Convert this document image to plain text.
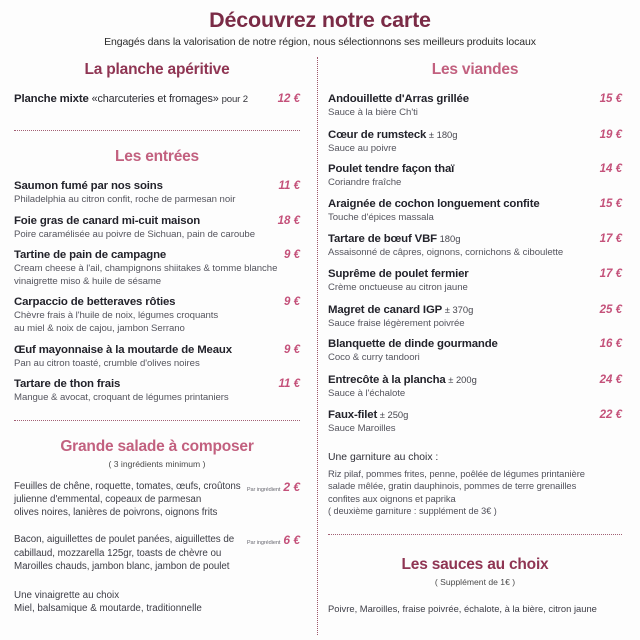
Découvrez notre carte
Engagés dans la valorisation de notre région, nous sélectionnons ses meilleurs produits locaux
La planche apéritive
Planche mixte «charcuteries et fromages» pour 2	12 €
Les entrées
Saumon fumé par nos soins	11 €
Philadelphia au citron confit, roche de parmesan noir
Foie gras de canard mi-cuit maison	18 €
Poire caramélisée au poivre de Sichuan, pain de caroube
Tartine de pain de campagne	9 €
Cream cheese à l'ail, champignons shiitakes & tomme blanche
vinaigrette miso & huile de sésame
Carpaccio de betteraves rôties	9 €
Chèvre frais à l'huile de noix, légumes croquants
au miel & noix de cajou, jambon Serrano
Œuf mayonnaise à la moutarde de Meaux	9 €
Pan au citron toasté, crumble d'olives noires
Tartare de thon frais	11 €
Mangue & avocat, croquant de légumes printaniers
Grande salade à composer
( 3 ingrédients minimum )
Feuilles de chêne, roquette, tomates, œufs, croûtons
julienne d'emmental, copeaux de parmesan
olives noires, lanières de poivrons, oignons frits
Par ingrédient 2 €
Bacon, aiguillettes de poulet panées, aiguillettes de
cabillaud, mozzarella 125gr, toasts de chèvre ou
Maroilles chauds, jambon blanc, jambon de poulet
Par ingrédient 6 €
Une vinaigrette au choix
Miel, balsamique & moutarde, traditionnelle
Les viandes
Andouillette d'Arras grillée	15 €
Sauce à la bière Ch'ti
Cœur de rumsteck ± 180g	19 €
Sauce au poivre
Poulet tendre façon thaï	14 €
Coriandre fraîche
Araignée de cochon longuement confite	15 €
Touche d'épices massala
Tartare de bœuf VBF 180g	17 €
Assaisonné de câpres, oignons, cornichons & ciboulette
Suprême de poulet fermier	17 €
Crème onctueuse au citron jaune
Magret de canard IGP ± 370g	25 €
Sauce fraise légèrement poivrée
Blanquette de dinde gourmande	16 €
Coco & curry tandoori
Entrecôte à la plancha ± 200g	24 €
Sauce à l'échalote
Faux-filet ± 250g	22 €
Sauce Maroilles
Une garniture au choix :
Riz pilaf, pommes frites, penne, poêlée de légumes printanière
salade mêlée, gratin dauphinois, pommes de terre grenailles
confites aux oignons et paprika
( deuxième garniture : supplément de 3€ )
Les sauces au choix
( Supplément de 1€ )
Poivre, Maroilles, fraise poivrée, échalote, à la bière, citron jaune
